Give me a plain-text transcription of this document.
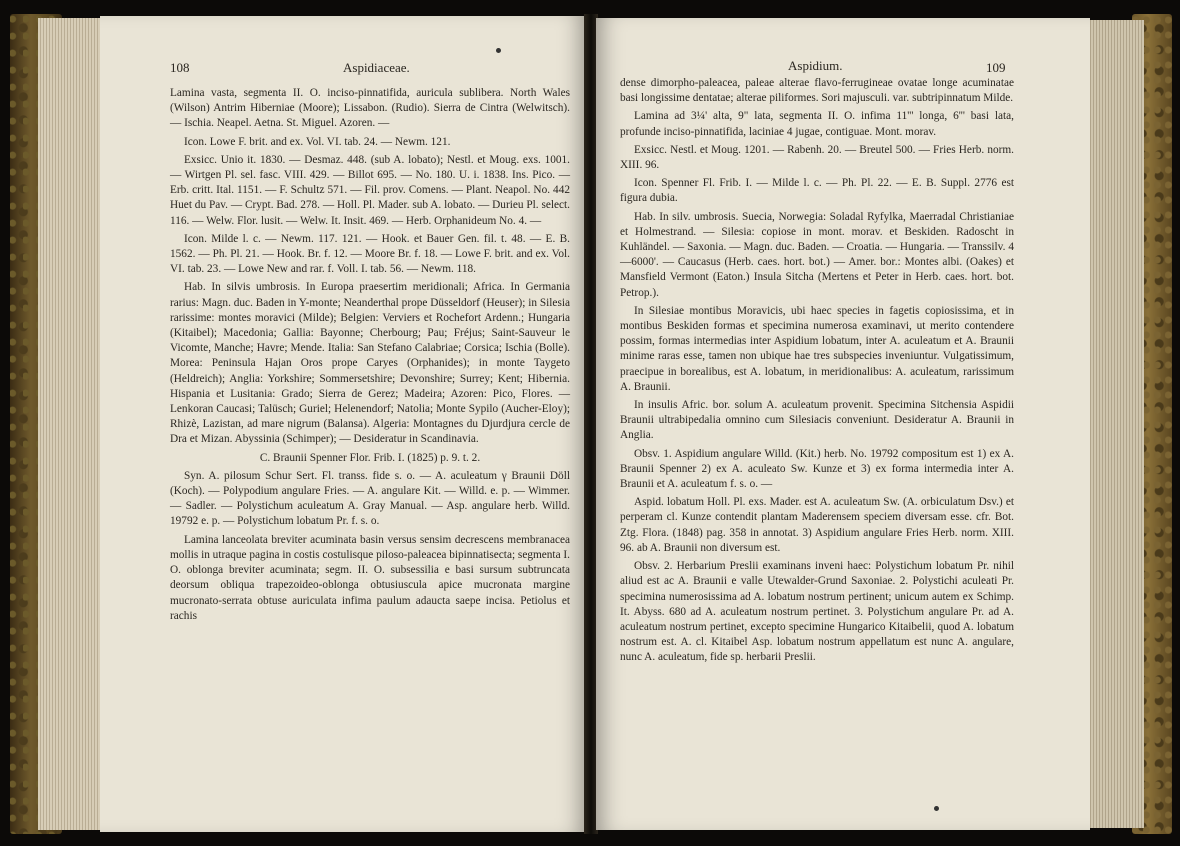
108	Aspidiaceae.

Lamina vasta, segmenta II. O. inciso-pinnatifida, auricula sublibera. North Wales (Wilson) Antrim Hiberniae (Moore); Lissabon. (Rudio). Sierra de Cintra (Welwitsch). — Ischia. Neapel. Aetna. St. Miguel. Azoren. —

Icon. Lowe F. brit. and ex. Vol. VI. tab. 24. — Newm. 121.

Exsicc. Unio it. 1830. — Desmaz. 448. (sub A. lobato); Nestl. et Moug. exs. 1001. — Wirtgen Pl. sel. fasc. VIII. 429. — Billot 695. — No. 180. U. i. 1838. Ins. Pico. — Erb. critt. Ital. 1151. — F. Schultz 571. — Fil. prov. Comens. — Plant. Neapol. No. 442 Huet du Pav. — Crypt. Bad. 278. — Holl. Pl. Mader. sub A. lobato. — Durieu Pl. select. 116. — Welw. Flor. lusit. — Welw. It. Insit. 469. — Herb. Orphanideum No. 4. —

Icon. Milde l. c. — Newm. 117. 121. — Hook. et Bauer Gen. fil. t. 48. — E. B. 1562. — Ph. Pl. 21. — Hook. Br. f. 12. — Moore Br. f. 18. — Lowe F. brit. and ex. Vol. VI. tab. 23. — Lowe New and rar. f. Voll. I. tab. 56. — Newm. 118.

Hab. In silvis umbrosis. In Europa praesertim meridionali; Africa. In Germania rarius: Magn. duc. Baden in Y-monte; Neanderthal prope Düsseldorf (Heuser); in Silesia rarissime: montes moravici (Milde); Belgien: Verviers et Rochefort Ardenn.; Hungaria (Kitaibel); Macedonia; Gallia: Bayonne; Cherbourg; Pau; Fréjus; Saint-Sauveur le Vicomte, Manche; Havre; Mende. Italia: San Stefano Calabriae; Corsica; Ischia (Bolle). Morea: Peninsula Hajan Oros prope Caryes (Orphanides); in monte Taygeto (Heldreich); Anglia: Yorkshire; Sommersetshire; Devonshire; Surrey; Kent; Hibernia. Hispania et Lusitania: Grado; Sierra de Gerez; Madeira; Azoren: Pico, Flores. — Lenkoran Caucasi; Talüsch; Guriel; Helenendorf; Natolia; Monte Sypilo (Aucher-Eloy); Rhizè, Lazistan, ad mare nigrum (Balansa). Algeria: Montagnes du Djurdjura cercle de Dra et Mizan. Abyssinia (Schimper); — Desideratur in Scandinavia.

C. Braunii Spenner Flor. Frib. I. (1825) p. 9. t. 2.

Syn. A. pilosum Schur Sert. Fl. transs. fide s. o. — A. aculeatum γ Braunii Döll (Koch). — Polypodium angulare Fries. — A. angulare Kit. — Willd. e. p. — Wimmer. — Sadler. — Polystichum aculeatum A. Gray Manual. — Asp. angulare herb. Willd. 19792 e. p. — Polystichum lobatum Pr. f. s. o.

Lamina lanceolata breviter acuminata basin versus sensim decrescens membranacea mollis in utraque pagina in costis costulisque piloso-paleacea bipinnatisecta; segmenta I. O. oblonga breviter acuminata; segm. II. O. subsessilia e basi sursum subtruncata deorsum obliqua trapezoideo-oblonga obtusiuscula apice mucronata margine mucronato-serrata obtuse auriculata infima paulum adaucta saepe incisa. Petiolus et rachis

Aspidium.	109

dense dimorpho-paleacea, paleae alterae flavo-ferrugineae ovatae longe acuminatae basi longissime dentatae; alterae piliformes. Sori majusculi. var. subtripinnatum Milde.

Lamina ad 3¼' alta, 9" lata, segmenta II. O. infima 11''' longa, 6''' basi lata, profunde inciso-pinnatifida, laciniae 4 jugae, contiguae. Mont. morav.

Exsicc. Nestl. et Moug. 1201. — Rabenh. 20. — Breutel 500. — Fries Herb. norm. XIII. 96.

Icon. Spenner Fl. Frib. I. — Milde l. c. — Ph. Pl. 22. — E. B. Suppl. 2776 est figura dubia.

Hab. In silv. umbrosis. Suecia, Norwegia: Soladal Ryfylka, Maerradal Christianiae et Holmestrand. — Silesia: copiose in mont. morav. et Beskiden. Radoscht in Kuhländel. — Saxonia. — Magn. duc. Baden. — Croatia. — Hungaria. — Transsilv. 4—6000'. — Caucasus (Herb. caes. hort. bot.) — Amer. bor.: Montes albi. (Oakes) et Mansfield Vermont (Eaton.) Insula Sitcha (Mertens et Peter in Herb. caes. hort. bot. Petrop.).

In Silesiae montibus Moravicis, ubi haec species in fagetis copiosissima, et in montibus Beskiden formas et specimina numerosa examinavi, ut merito contendere possim, formas intermedias inter Aspidium lobatum, inter A. aculeatum et A. Braunii minime raras esse, tamen non ubique hae tres subspecies inveniuntur. Vulgatissimum, praecipue in borealibus, est A. lobatum, in meridionalibus: A. aculeatum, rarissimum A. Braunii.

In insulis Afric. bor. solum A. aculeatum provenit. Specimina Sitchensia Aspidii Braunii ultrabipedalia omnino cum Silesiacis conveniunt. Desideratur A. Braunii in Anglia.

Obsv. 1. Aspidium angulare Willd. (Kit.) herb. No. 19792 compositum est 1) ex A. Braunii Spenner 2) ex A. aculeato Sw. Kunze et 3) ex forma intermedia inter A. Braunii et A. aculeatum f. s. o. —

Aspid. lobatum Holl. Pl. exs. Mader. est A. aculeatum Sw. (A. orbiculatum Dsv.) et perperam cl. Kunze contendit plantam Maderensem speciem diversam esse. cfr. Bot. Ztg. Flora. (1848) pag. 358 in annotat. 3) Aspidium angulare Fries Herb. norm. XIII. 96. ab A. Braunii non diversum est.

Obsv. 2. Herbarium Preslii examinans inveni haec: Polystichum lobatum Pr. nihil aliud est ac A. Braunii e valle Utewalder-Grund Saxoniae. 2. Polystichi aculeati Pr. specimina numerosissima ad A. lobatum nostrum pertinent; unicum autem ex Schimp. It. Abyss. 680 ad A. aculeatum nostrum pertinet. 3. Polystichum angulare Pr. ad A. aculeatum nostrum pertinet, excepto specimine Hungarico Kitaibelii, quod A. lobatum nostrum est. A. cl. Kitaibel Asp. lobatum nostrum appellatum est nunc A. angulare, nunc A. aculeatum, fide sp. herbarii Preslii.
